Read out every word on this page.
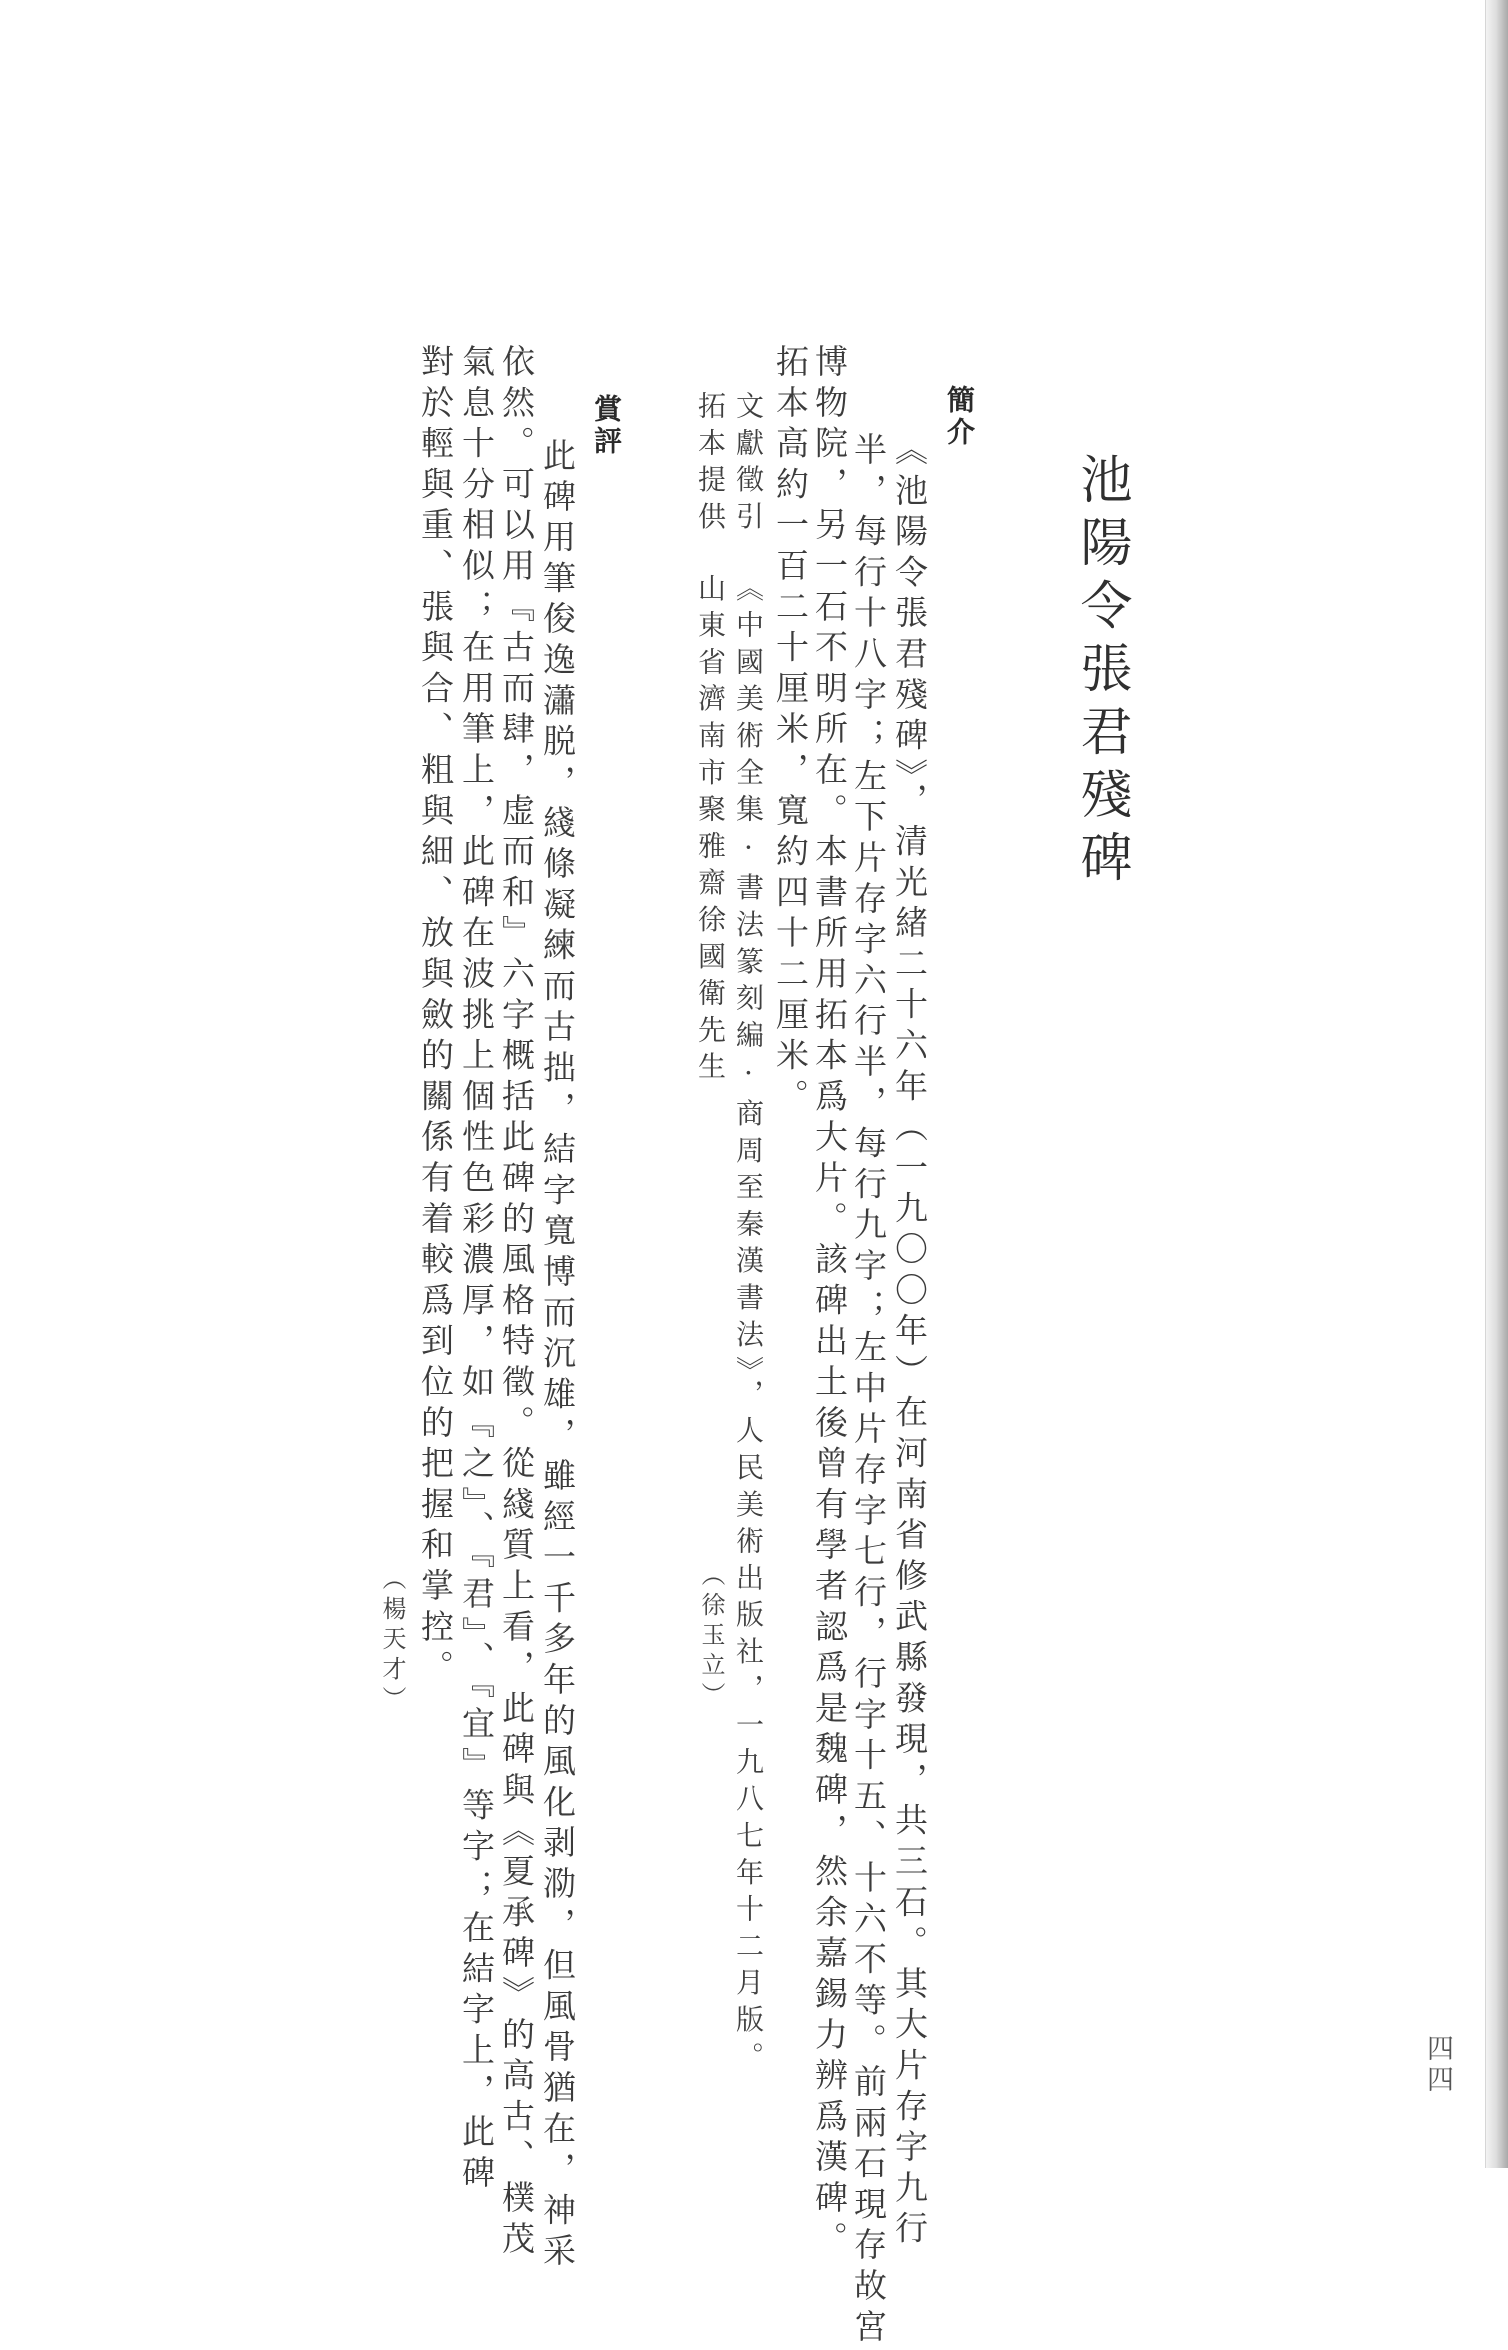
池陽令張君殘碑
簡介

《池陽令張君殘碑》，清光緒二十六年（一九〇〇年）在河南省修武縣發現，共三石。其大片存字九行

半，每行十八字；左下片存字六行半，每行九字；左中片存字七行，行字十五、十六不等。前兩石現存故宮

博物院，另一石不明所在。本書所用拓本爲大片。該碑出土後曾有學者認爲是魏碑，然余嘉錫力辨爲漢碑。

拓本高約一百二十厘米，寬約四十二厘米。

文獻徵引 《中國美術全集·書法篆刻編·商周至秦漢書法》，人民美術出版社，一九八七年十二月版。
拓本提供 山東省濟南市聚雅齋徐國衛先生
（徐玉立）
賞評

此碑用筆俊逸瀟脱，綫條凝練而古拙，結字寬博而沉雄，雖經一千多年的風化剥泐，但風骨猶在，神采

依然。可以用『古而肆，虚而和』六字概括此碑的風格特徵。從綫質上看，此碑與《夏承碑》的高古、樸茂

氣息十分相似；在用筆上，此碑在波挑上個性色彩濃厚，如『之』、『君』、『宜』等字；在結字上，此碑

對於輕與重、張與合、粗與細、放與斂的關係有着較爲到位的把握和掌控。

（楊天才）
四四
